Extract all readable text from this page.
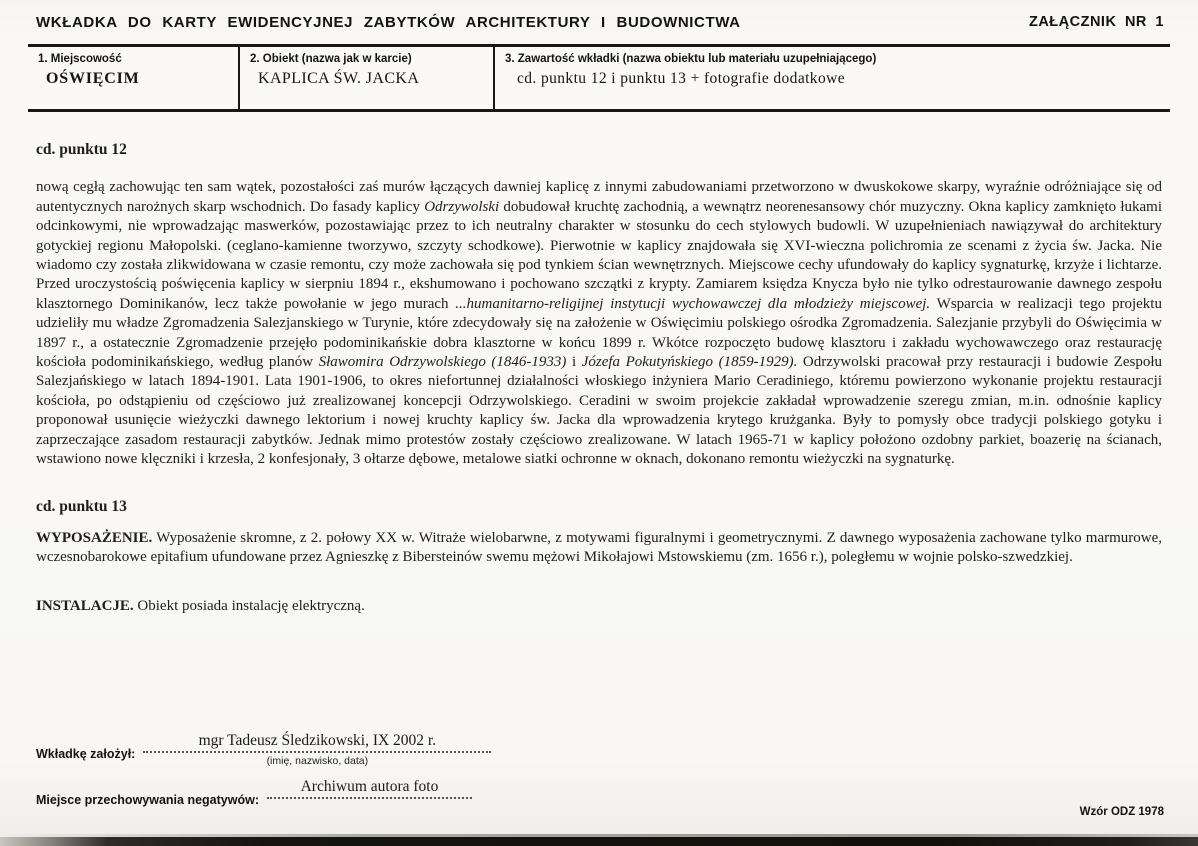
WKŁADKA DO KARTY EWIDENCYJNEJ ZABYTKÓW ARCHITEKTURY I BUDOWNICTWA	ZAŁĄCZNIK NR 1
1. Miejscowość
OŚWIĘCIM
2. Obiekt (nazwa jak w karcie)
KAPLICA ŚW. JACKA
3. Zawartość wkładki (nazwa obiektu lub materiału uzupełniającego)
cd. punktu 12 i punktu 13 + fotografie dodatkowe
cd. punktu 12

nową cegłą zachowując ten sam wątek, pozostałości zaś murów łączących dawniej kaplicę z innymi zabudowaniami przetworzono w dwuskokowe skarpy, wyraźnie odróżniające się od autentycznych narożnych skarp wschodnich. Do fasady kaplicy Odrzywolski dobudował kruchtę zachodnią, a wewnątrz neorenesansowy chór muzyczny. Okna kaplicy zamknięto łukami odcinkowymi, nie wprowadzając maswerków, pozostawiając przez to ich neutralny charakter w stosunku do cech stylowych budowli. W uzupełnieniach nawiązywał do architektury gotyckiej regionu Małopolski. (ceglano-kamienne tworzywo, szczyty schodkowe). Pierwotnie w kaplicy znajdowała się XVI-wieczna polichromia ze scenami z życia św. Jacka. Nie wiadomo czy została zlikwidowana w czasie remontu, czy może zachowała się pod tynkiem ścian wewnętrznych. Miejscowe cechy ufundowały do kaplicy sygnaturkę, krzyże i lichtarze. Przed uroczystością poświęcenia kaplicy w sierpniu 1894 r., ekshumowano i pochowano szczątki z krypty. Zamiarem księdza Knycza było nie tylko odrestaurowanie dawnego zespołu klasztornego Dominikanów, lecz także powołanie w jego murach ...humanitarno-religijnej instytucji wychowawczej dla młodzieży miejscowej. Wsparcia w realizacji tego projektu udzieliły mu władze Zgromadzenia Salezjanskiego w Turynie, które zdecydowały się na założenie w Oświęcimiu polskiego ośrodka Zgromadzenia. Salezjanie przybyli do Oświęcimia w 1897 r., a ostatecznie Zgromadzenie przejęło podominikańskie dobra klasztorne w końcu 1899 r. Wkótce rozpoczęto budowę klasztoru i zakładu wychowawczego oraz restaurację kościoła podominikańskiego, według planów Sławomira Odrzywolskiego (1846-1933) i Józefa Pokutyńskiego (1859-1929). Odrzywolski pracował przy restauracji i budowie Zespołu Salezjańskiego w latach 1894-1901. Lata 1901-1906, to okres niefortunnej działalności włoskiego inżyniera Mario Ceradiniego, któremu powierzono wykonanie projektu restauracji kościoła, po odstąpieniu od częściowo już zrealizowanej koncepcji Odrzywolskiego. Ceradini w swoim projekcie zakładał wprowadzenie szeregu zmian, m.in. odnośnie kaplicy proponował usunięcie wieżyczki dawnego lektorium i nowej kruchty kaplicy św. Jacka dla wprowadzenia krytego krużganka. Były to pomysły obce tradycji polskiego gotyku i zaprzeczające zasadom restauracji zabytków. Jednak mimo protestów zostały częściowo zrealizowane. W latach 1965-71 w kaplicy położono ozdobny parkiet, boazerię na ścianach, wstawiono nowe klęczniki i krzesła, 2 konfesjonały, 3 ołtarze dębowe, metalowe siatki ochronne w oknach, dokonano remontu wieżyczki na sygnaturkę.

cd. punktu 13

WYPOSAŻENIE. Wyposażenie skromne, z 2. połowy XX w. Witraże wielobarwne, z motywami figuralnymi i geometrycznymi. Z dawnego wyposażenia zachowane tylko marmurowe, wczesnobarokowe epitafium ufundowane przez Agnieszkę z Bibersteinów swemu mężowi Mikołajowi Mstowskiemu (zm. 1656 r.), poległemu w wojnie polsko-szwedzkiej.

INSTALACJE. Obiekt posiada instalację elektryczną.

Wkładkę założył:
mgr Tadeusz Śledzikowski, IX 2002 r.
(imię, nazwisko, data)
Miejsce przechowywania negatywów:
Archiwum autora foto
Wzór ODZ 1978
